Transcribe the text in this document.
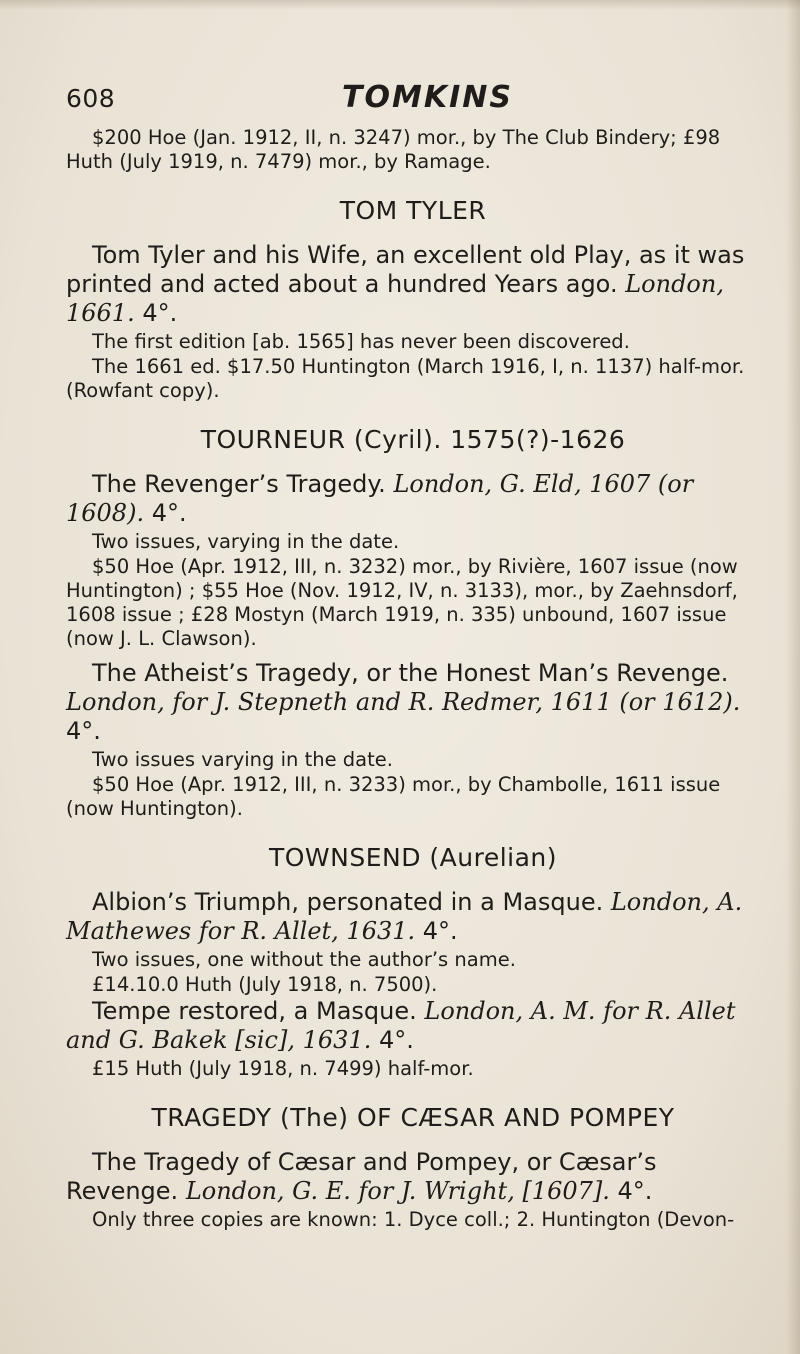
608	TOMKINS

$200 Hoe (Jan. 1912, II, n. 3247) mor., by The Club Bindery; £98 Huth (July 1919, n. 7479) mor., by Ramage.

TOM TYLER

Tom Tyler and his Wife, an excellent old Play, as it was printed and acted about a hundred Years ago. London, 1661. 4°.

The first edition [ab. 1565] has never been discovered.

The 1661 ed. $17.50 Huntington (March 1916, I, n. 1137) half-mor. (Rowfant copy).

TOURNEUR (Cyril). 1575(?)-1626

The Revenger’s Tragedy. London, G. Eld, 1607 (or 1608). 4°.

Two issues, varying in the date.

$50 Hoe (Apr. 1912, III, n. 3232) mor., by Rivière, 1607 issue (now Huntington) ; $55 Hoe (Nov. 1912, IV, n. 3133), mor., by Zaehnsdorf, 1608 issue ; £28 Mostyn (March 1919, n. 335) unbound, 1607 issue (now J. L. Clawson).

The Atheist’s Tragedy, or the Honest Man’s Revenge. London, for J. Stepneth and R. Redmer, 1611 (or 1612). 4°.

Two issues varying in the date.

$50 Hoe (Apr. 1912, III, n. 3233) mor., by Chambolle, 1611 issue (now Huntington).

TOWNSEND (Aurelian)

Albion’s Triumph, personated in a Masque. London, A. Mathewes for R. Allet, 1631. 4°.

Two issues, one without the author’s name.

£14.10.0 Huth (July 1918, n. 7500).

Tempe restored, a Masque. London, A. M. for R. Allet and G. Bakek [sic], 1631. 4°.

£15 Huth (July 1918, n. 7499) half-mor.

TRAGEDY (The) OF CÆSAR AND POMPEY

The Tragedy of Cæsar and Pompey, or Cæsar’s Revenge. London, G. E. for J. Wright, [1607]. 4°.

Only three copies are known: 1. Dyce coll.; 2. Huntington (Devon-
